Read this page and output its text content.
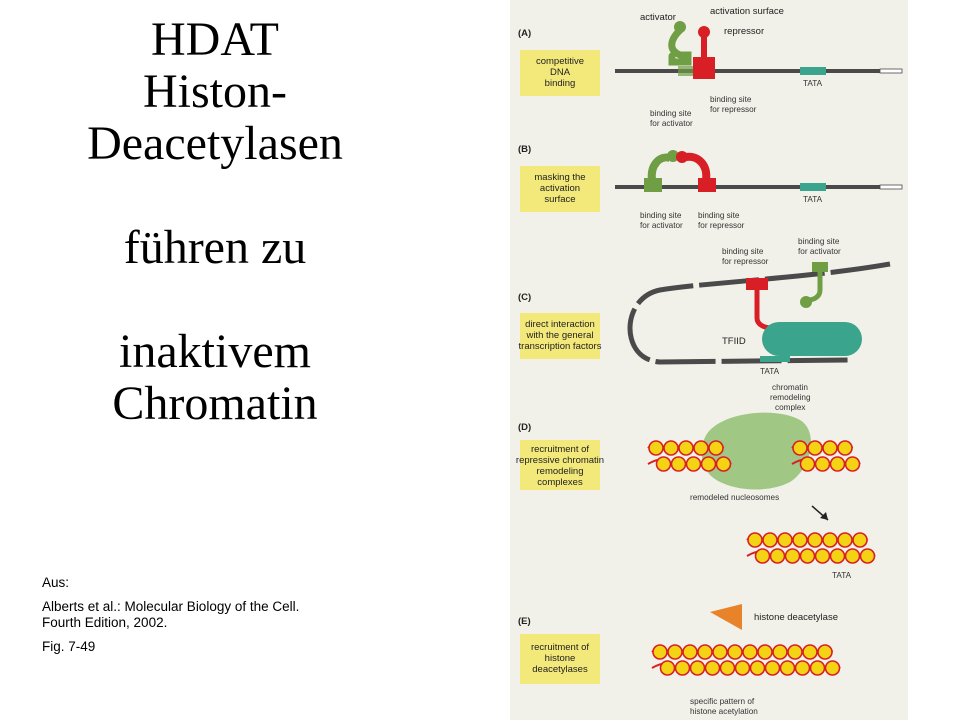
HDAT
Histon-
Deacetylasen
führen zu
inaktivem
Chromatin

Aus:

Alberts et al.: Molecular Biology of the Cell.
Fourth Edition, 2002.

Fig. 7-49

(A)
competitive
DNA
binding	TATA
activator
activation surface
repressor
binding site
for activator
binding site
for repressor
(B)
masking the
activation
surface	TATA
binding site
for activator
binding site
for repressor
(C)
direct interaction
with the general
transcription factors	TFIID
TATA
binding site
for repressor
binding site
for activator
(D)
recruitment of
repressive chromatin
remodeling
complexes
chromatin
remodeling
complex
remodeled nucleosomes
TATA
(E)
recruitment of
histone
deacetylases
histone deacetylase
specific pattern of
histone acetylation
